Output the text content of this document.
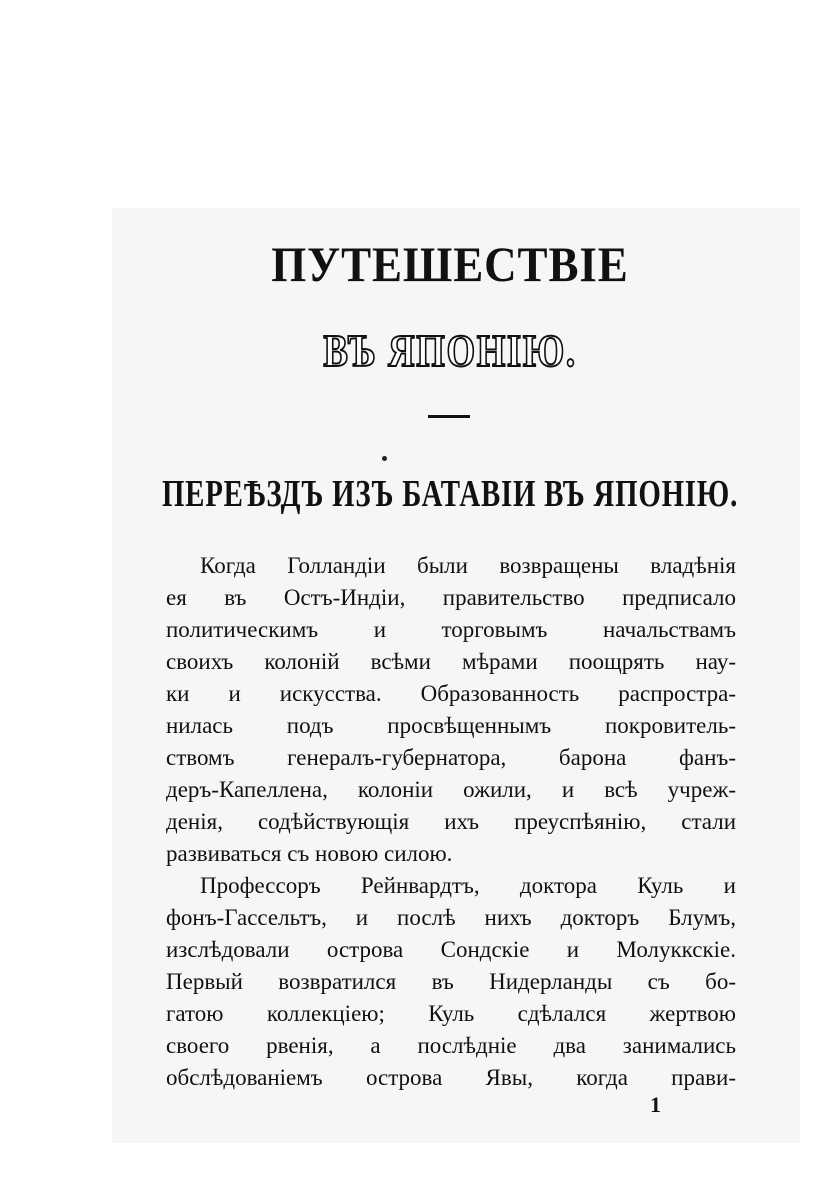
ПУТЕШЕСТВІЕ
ВЪ ЯПОНІЮ.
ПЕРЕѢЗДЪ ИЗЪ БАТАВІИ ВЪ ЯПОНІЮ.
Когда Голландіи были возвращены владѣнія
ея въ Остъ-Индіи, правительство предписало
политическимъ и торговымъ начальствамъ
своихъ колоній всѣми мѣрами поощрять нау-
ки и искусства. Образованность распростра-
нилась подъ просвѣщеннымъ покровитель-
ствомъ генералъ-губернатора, барона фанъ-
деръ-Капеллена, колоніи ожили, и всѣ учреж-
денія, содѣйствующія ихъ преуспѣянію, стали
развиваться съ новою силою.
Профессоръ Рейнвардтъ, доктора Куль и
фонъ-Гассельтъ, и послѣ нихъ докторъ Блумъ,
изслѣдовали острова Сондскіе и Молуккскіе.
Первый возвратился въ Нидерланды съ бо-
гатою коллекціею; Куль сдѣлался жертвою
своего рвенія, а послѣдніе два занимались
обслѣдованіемъ острова Явы, когда прави-
1
